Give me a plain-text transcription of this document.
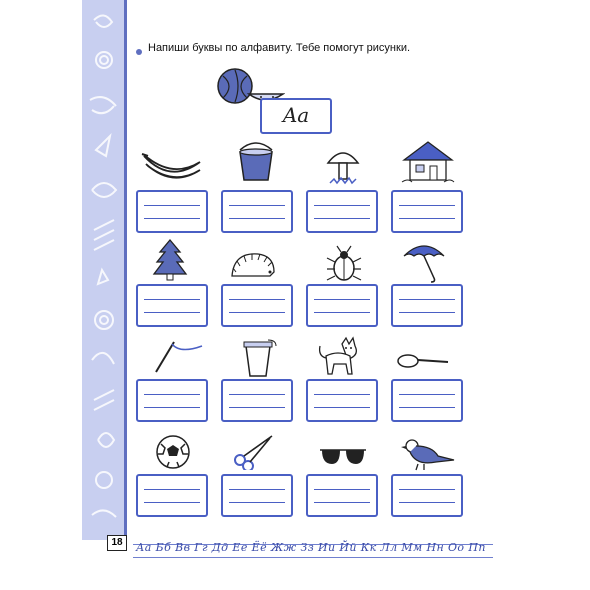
Напиши буквы по алфавиту. Тебе помогут рисунки.
Aa
18	Аа Бб Вв Гг Дд Ее Ёё Жж Зз Ии Йй Кк Лл Мм Нн Оо Пп
